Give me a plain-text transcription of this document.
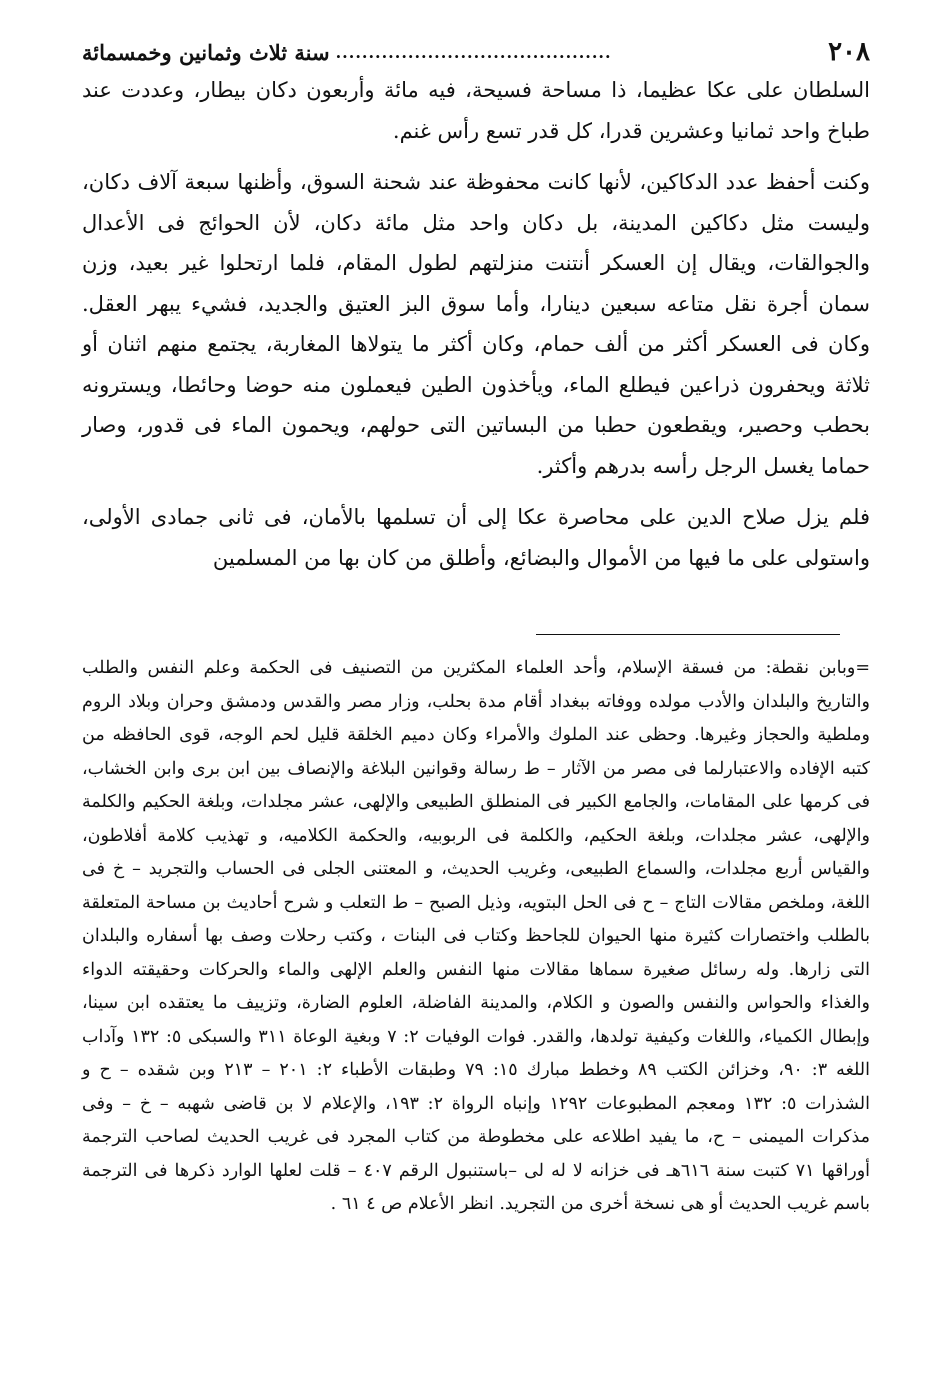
٢٠٨
..........................................
سنة ثلاث وثمانين وخمسمائة

السلطان على عكا عظيما، ذا مساحة فسيحة، فيه مائة وأربعون دكان بيطار، وعددت عند طباخ واحد ثمانيا وعشرين قدرا، كل قدر تسع رأس غنم.

وكنت أحفظ عدد الدكاكين، لأنها كانت محفوظة عند شحنة السوق، وأظنها سبعة آلاف دكان، وليست مثل دكاكين المدينة، بل دكان واحد مثل مائة دكان، لأن الحوائج فى الأعدال والجوالقات، ويقال إن العسكر أنتنت منزلتهم لطول المقام، فلما ارتحلوا غير بعيد، وزن سمان أجرة نقل متاعه سبعين دينارا، وأما سوق البز العتيق والجديد، فشيء يبهر العقل. وكان فى العسكر أكثر من ألف حمام، وكان أكثر ما يتولاها المغاربة، يجتمع منهم اثنان أو ثلاثة ويحفرون ذراعين فيطلع الماء، ويأخذون الطين فيعملون منه حوضا وحائطا، ويسترونه بحطب وحصير، ويقطعون حطبا من البساتين التى حولهم، ويحمون الماء فى قدور، وصار حماما يغسل الرجل رأسه بدرهم وأكثر.

فلم يزل صلاح الدين على محاصرة عكا إلى أن تسلمها بالأمان، فى ثانى جمادى الأولى، واستولى على ما فيها من الأموال والبضائع، وأطلق من كان بها من المسلمين

=وبابن نقطة: من فسقة الإسلام، وأحد العلماء المكثرين من التصنيف فى الحكمة وعلم النفس والطلب والتاريخ والبلدان والأدب مولده ووفاته ببغداد أقام مدة بحلب، وزار مصر والقدس ودمشق وحران وبلاد الروم وملطية والحجاز وغيرها. وحظى عند الملوك والأمراء وكان دميم الخلقة قليل لحم الوجه، قوى الحافظه من كتبه الإفاده والاعتبارلما فى مصر من الآثار – ط رسالة وقوانين البلاغة والإنصاف بين ابن برى وابن الخشاب، فى كرمها على المقامات، والجامع الكبير فى المنطلق الطبيعى والإلهى، عشر مجلدات، وبلغة الحكيم والكلمة والإلهى، عشر مجلدات، وبلغة الحكيم، والكلمة فى الربوبيه، والحكمة الكلاميه، و تهذيب كلامة أفلاطون، والقياس أربع مجلدات، والسماع الطبيعى، وغريب الحديث، و المعتنى الجلى فى الحساب والتجريد – خ فى اللغة، وملخص مقالات التاج – ح فى الحل البتويه، وذيل الصبح – ط التعلب و شرح أحاديث بن مساحة المتعلقة بالطلب واختصارات كثيرة منها الحيوان للجاحظ وكتاب فى البنات ، وكتب رحلات وصف بها أسفاره والبلدان التى زارها. وله رسائل صغيرة سماها مقالات منها النفس والعلم الإلهى والماء والحركات وحقيقته الدواء والغذاء والحواس والنفس والصون و الكلام، والمدينة الفاضلة، العلوم الضارة، وتزييف ما يعتقده ابن سينا، وإبطال الكمياء، واللغات وكيفية تولدها، والقدر. فوات الوفيات ٢: ٧ وبغية الوعاة ٣١١ والسبكى ٥: ١٣٢ وآداب اللغه ٣: ٩٠، وخزائن الكتب ٨٩ وخطط مبارك ١٥: ٧٩ وطبقات الأطباء ٢: ٢٠١ – ٢١٣ وبن شقده – ح و الشذرات ٥: ١٣٢ ومعجم المطبوعات ١٢٩٢ وإنباه الرواة ٢: ١٩٣، والإعلام لا بن قاضى شهبه – خ – وفى مذكرات الميمنى – ح، ما يفيد اطلاعه على مخطوطة من كتاب المجرد فى غريب الحديث لصاحب الترجمة أوراقها ٧١ كتبت سنة ٦١٦هـ فى خزانه لا له لى –باستنبول الرقم ٤٠٧ – قلت لعلها الوارد ذكرها فى الترجمة باسم غريب الحديث أو هى نسخة أخرى من التجريد. انظر الأعلام ص ٤ ٦١ .
